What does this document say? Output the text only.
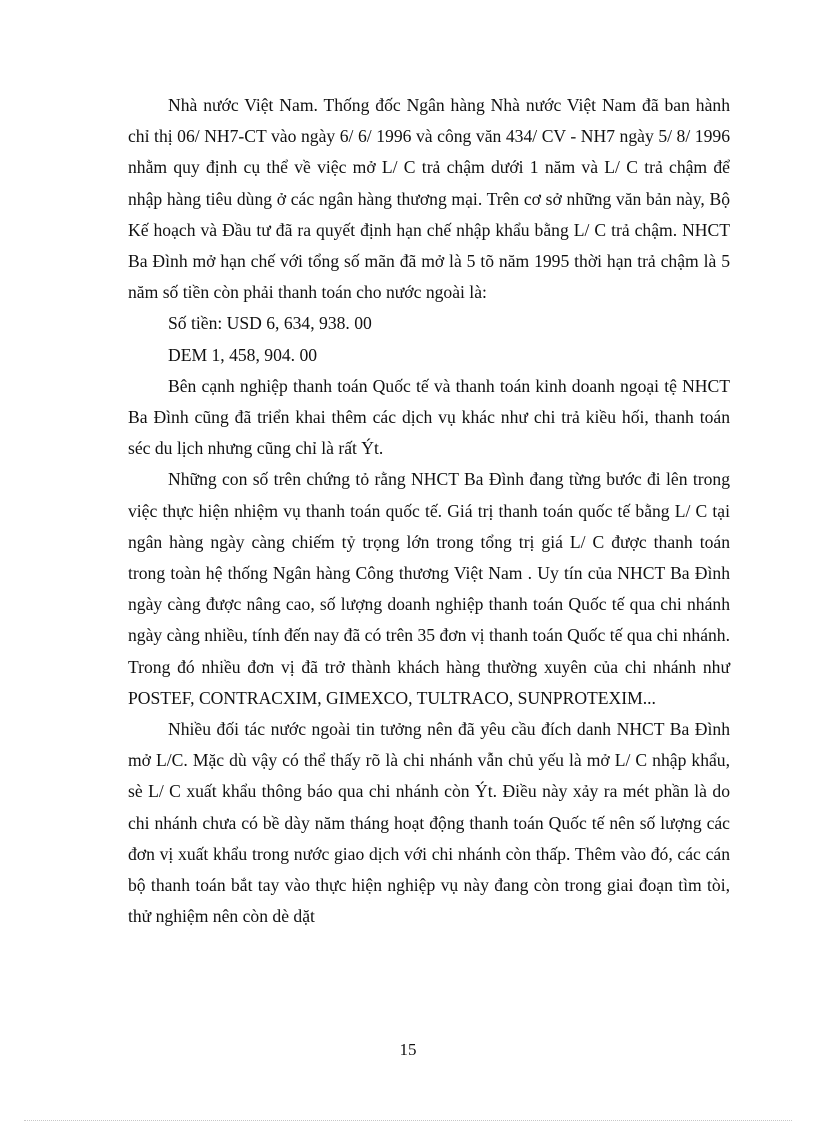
Nhà nước Việt Nam. Thống đốc Ngân hàng Nhà nước Việt Nam đã ban hành chỉ thị 06/ NH7-CT vào ngày 6/ 6/ 1996 và công văn 434/ CV - NH7 ngày 5/ 8/ 1996 nhằm quy định cụ thể về việc mở L/ C trả chậm dưới 1 năm và L/ C trả chậm để nhập hàng tiêu dùng ở các ngân hàng thương mại. Trên cơ sở những văn bản này, Bộ Kế hoạch và Đầu tư đã ra quyết định hạn chế nhập khẩu bằng L/ C trả chậm. NHCT Ba Đình mở hạn chế với tổng số mãn đã mở là 5 tõ năm 1995 thời hạn trả chậm là 5 năm số tiền còn phải thanh toán cho nước ngoài là:

Số tiền: USD 6, 634, 938. 00

DEM 1, 458, 904. 00

Bên cạnh nghiệp thanh toán Quốc tế và thanh toán kinh doanh ngoại tệ NHCT Ba Đình cũng đã triển khai thêm các dịch vụ khác như chi trả kiều hối, thanh toán séc du lịch nhưng cũng chỉ là rất Ýt.

Những con số trên chứng tỏ rằng NHCT Ba Đình đang từng bước đi lên trong việc thực hiện nhiệm vụ thanh toán quốc tế. Giá trị thanh toán quốc tế bằng L/ C tại ngân hàng ngày càng chiếm tỷ trọng lớn trong tổng trị giá L/ C được thanh toán trong toàn hệ thống Ngân hàng Công thương Việt Nam . Uy tín của NHCT Ba Đình ngày càng được nâng cao, số lượng doanh nghiệp thanh toán Quốc tế qua chi nhánh ngày càng nhiều, tính đến nay đã có trên 35 đơn vị thanh toán Quốc tế qua chi nhánh. Trong đó nhiều đơn vị đã trở thành khách hàng thường xuyên của chi nhánh như POSTEF, CONTRACXIM, GIMEXCO, TULTRACO, SUNPROTEXIM...

Nhiều đối tác nước ngoài tin tưởng nên đã yêu cầu đích danh NHCT Ba Đình mở L/C. Mặc dù vậy có thể thấy rõ là chi nhánh vẫn chủ yếu là mở L/ C nhập khẩu, sè L/ C xuất khẩu thông báo qua chi nhánh còn Ýt. Điều này xảy ra mét phần là do chi nhánh chưa có bề dày năm tháng hoạt động thanh toán Quốc tế nên số lượng các đơn vị xuất khẩu trong nước giao dịch với chi nhánh còn thấp. Thêm vào đó, các cán bộ thanh toán bắt tay vào thực hiện nghiệp vụ này đang còn trong giai đoạn tìm tòi, thử nghiệm nên còn dè dặt

15
